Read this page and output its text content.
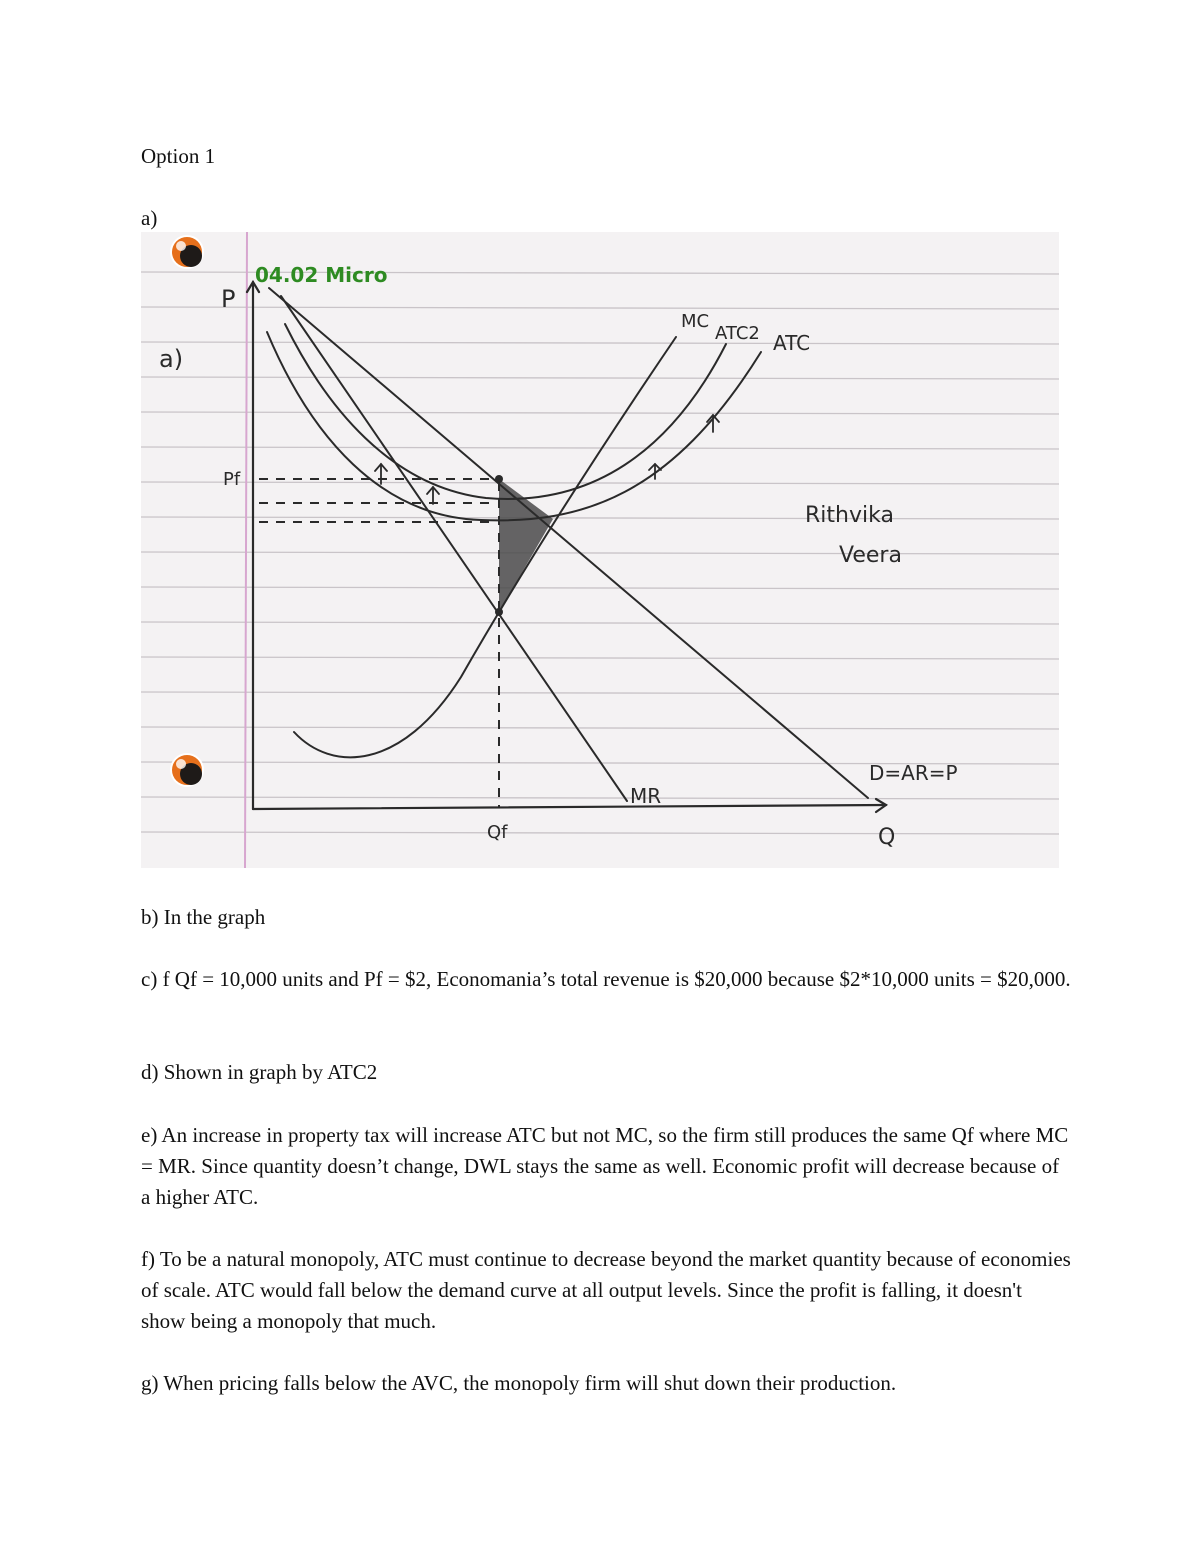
Option 1
a)
04.02 Micro
a)
P
Pf
Qf	Q
MC
ATC2 ATC
MR
D=AR=P
Rithvika
Veera
b) In the graph
c) f Qf = 10,000 units and Pf = $2, Economania’s total revenue is $20,000 because $2*10,000 units = $20,000.
d) Shown in graph by ATC2
e) An increase in property tax will increase ATC but not MC, so the firm still produces the same Qf where MC = MR. Since quantity doesn’t change, DWL stays the same as well. Economic profit will decrease because of a higher ATC.
f) To be a natural monopoly, ATC must continue to decrease beyond the market quantity because of economies of scale. ATC would fall below the demand curve at all output levels. Since the profit is falling, it doesn't show being a monopoly that much.
g) When pricing falls below the AVC, the monopoly firm will shut down their production.
